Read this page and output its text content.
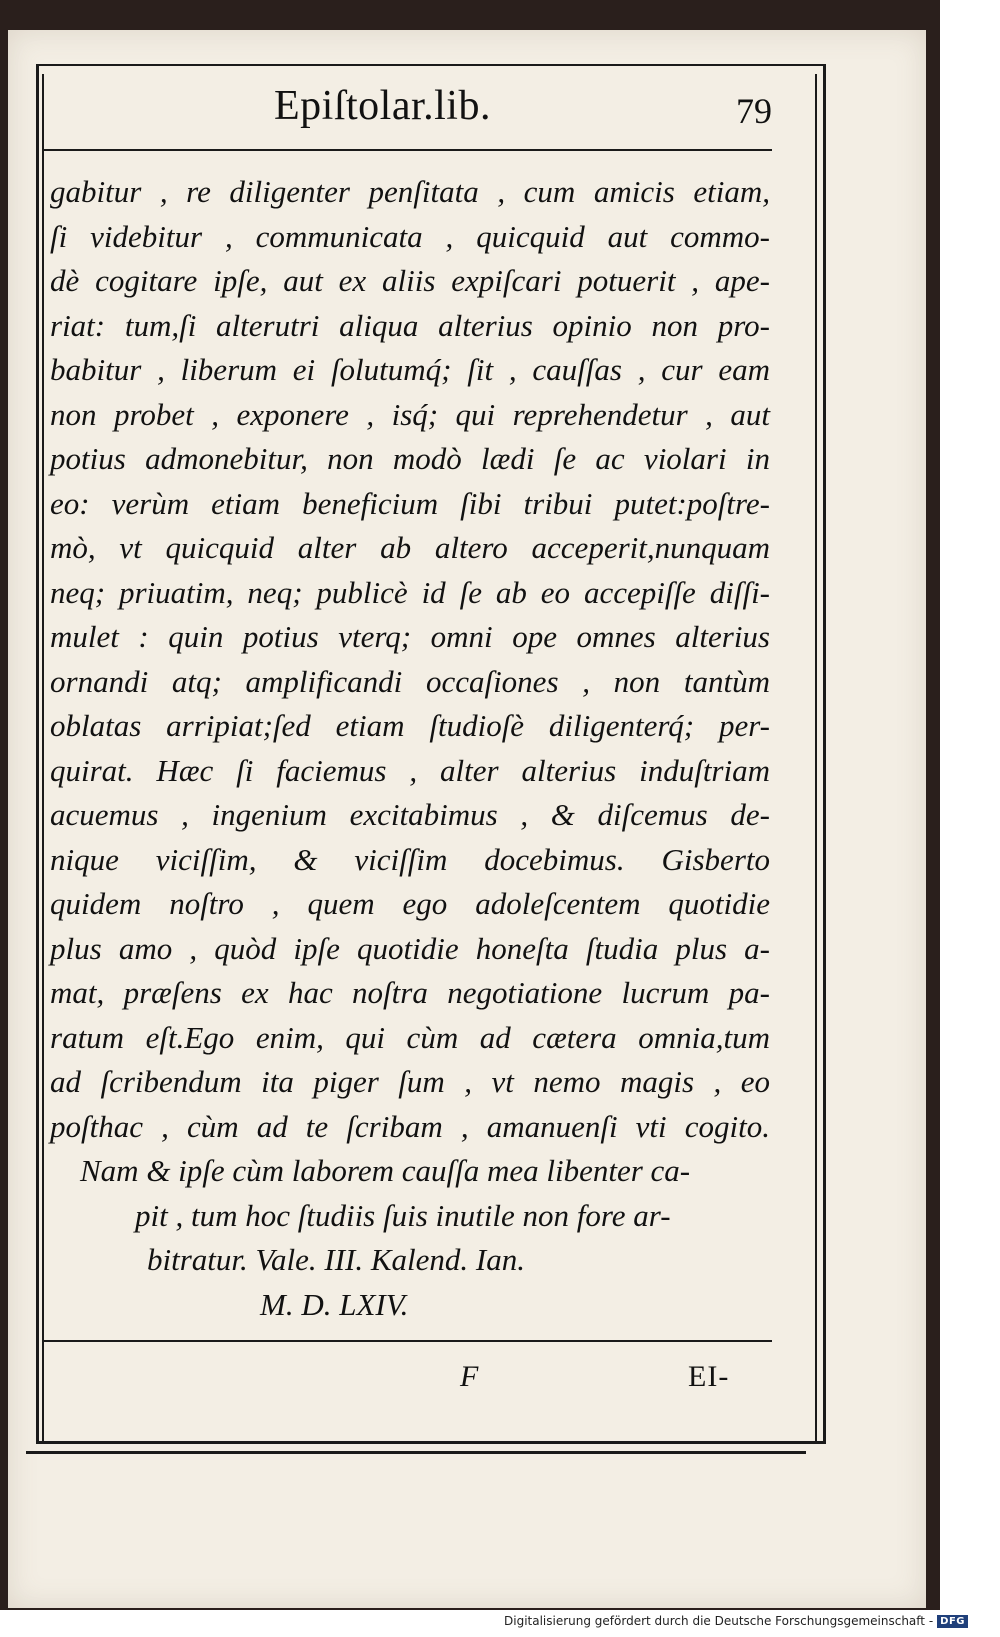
Epiſtolar.lib.	79
gabitur , re diligenter penſitata , cum amicis etiam,
ſi videbitur , communicata , quicquid aut commo-
dè cogitare ipſe, aut ex aliis expiſcari potuerit , ape-
riat: tum,ſi alterutri aliqua alterius opinio non pro-
babitur , liberum ei ſolutumq́; ſit , cauſſas , cur eam
non probet , exponere , isq́; qui reprehendetur , aut
potius admonebitur, non modò lædi ſe ac violari in
eo: verùm etiam beneficium ſibi tribui putet:poſtre-
mò, vt quicquid alter ab altero acceperit,nunquam
neq; priuatim, neq; publicè id ſe ab eo accepiſſe diſſi-
mulet : quin potius vterq; omni ope omnes alterius
ornandi atq; amplificandi occaſiones , non tantùm
oblatas arripiat;ſed etiam ſtudioſè diligenterq́; per-
quirat. Hæc ſi faciemus , alter alterius induſtriam
acuemus , ingenium excitabimus , & diſcemus de-
nique viciſſim, & viciſſim docebimus. Gisberto
quidem noſtro , quem ego adoleſcentem quotidie
plus amo , quòd ipſe quotidie honeſta ſtudia plus a-
mat, præſens ex hac noſtra negotiatione lucrum pa-
ratum eſt.Ego enim, qui cùm ad cætera omnia,tum
ad ſcribendum ita piger ſum , vt nemo magis , eo
poſthac , cùm ad te ſcribam , amanuenſi vti cogito.
Nam & ipſe cùm laborem cauſſa mea libenter ca-
pit , tum hoc ſtudiis ſuis inutile non fore ar-
bitratur. Vale. III. Kalend. Ian.
M. D. LXIV.
F	EI-
Digitalisierung gefördert durch die Deutsche Forschungsgemeinschaft - DFG
